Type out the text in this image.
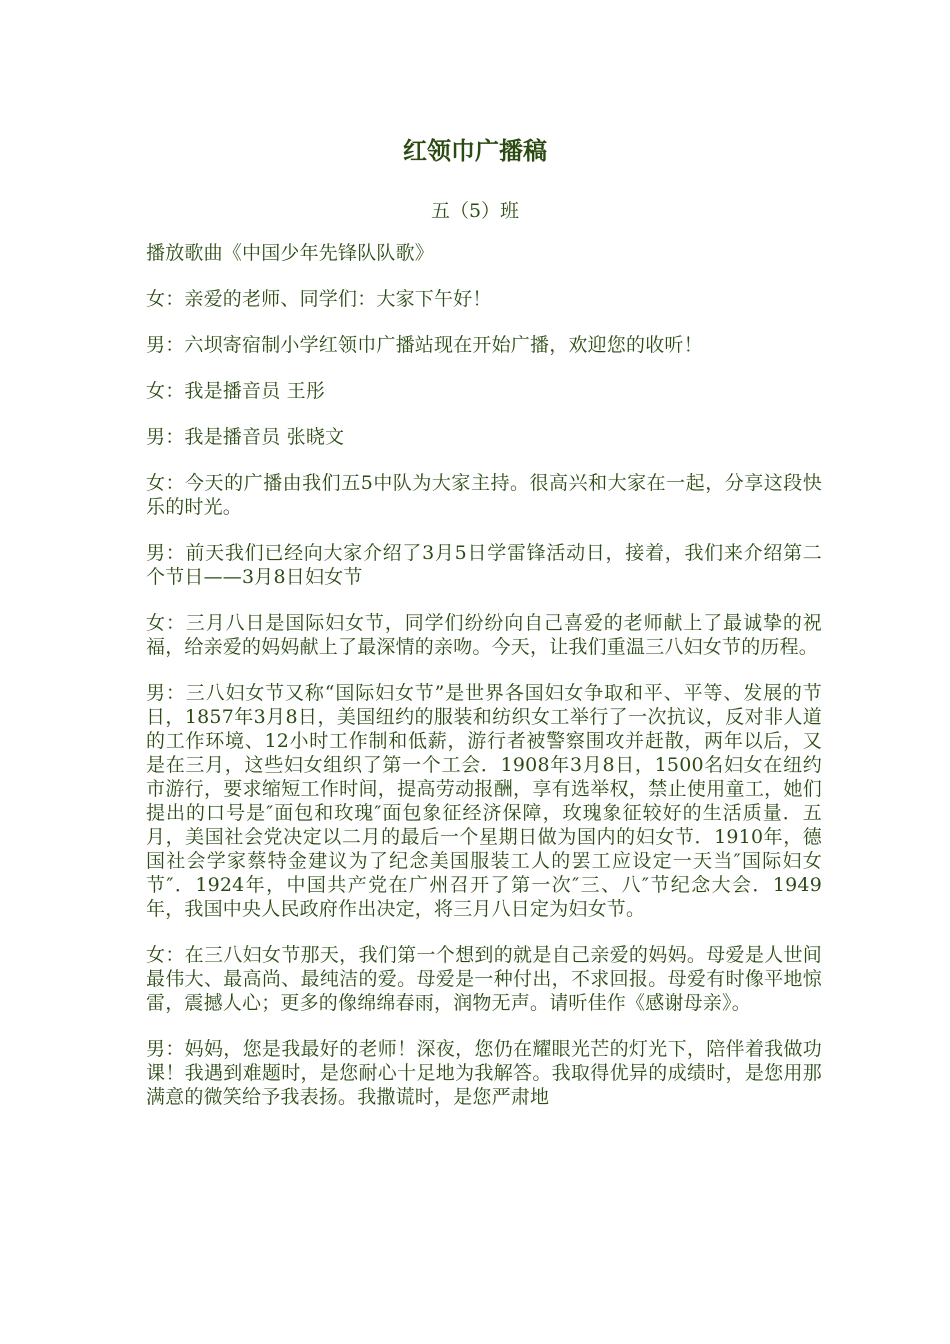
红领巾广播稿
五（5）班

播放歌曲《中国少年先锋队队歌》

女：亲爱的老师、同学们：大家下午好！

男：六坝寄宿制小学红领巾广播站现在开始广播，欢迎您的收听！

女：我是播音员 王彤

男：我是播音员 张晓文

女：今天的广播由我们五5中队为大家主持。很高兴和大家在一起，分享这段快乐的时光。

男：前天我们已经向大家介绍了3月5日学雷锋活动日，接着，我们来介绍第二个节日——3月8日妇女节

女：三月八日是国际妇女节，同学们纷纷向自己喜爱的老师献上了最诚挚的祝福，给亲爱的妈妈献上了最深情的亲吻。今天，让我们重温三八妇女节的历程。

男：三八妇女节又称“国际妇女节”是世界各国妇女争取和平、平等、发展的节日，1857年3月8日，美国纽约的服装和纺织女工举行了一次抗议，反对非人道的工作环境、12小时工作制和低薪，游行者被警察围攻并赶散，两年以后，又是在三月，这些妇女组织了第一个工会．1908年3月8日，1500名妇女在纽约市游行，要求缩短工作时间，提高劳动报酬，享有选举权，禁止使用童工，她们提出的口号是″面包和玫瑰″面包象征经济保障，玫瑰象征较好的生活质量．五月，美国社会党决定以二月的最后一个星期日做为国内的妇女节．1910年，德国社会学家蔡特金建议为了纪念美国服装工人的罢工应设定一天当″国际妇女节″．1924年，中国共产党在广州召开了第一次″三、八″节纪念大会．1949年，我国中央人民政府作出决定，将三月八日定为妇女节。

女：在三八妇女节那天，我们第一个想到的就是自己亲爱的妈妈。母爱是人世间最伟大、最高尚、最纯洁的爱。母爱是一种付出，不求回报。母爱有时像平地惊雷，震撼人心；更多的像绵绵春雨，润物无声。请听佳作《感谢母亲》。

男：妈妈，您是我最好的老师！深夜，您仍在耀眼光芒的灯光下，陪伴着我做功课！我遇到难题时，是您耐心十足地为我解答。我取得优异的成绩时，是您用那满意的微笑给予我表扬。我撒谎时，是您严肃地
